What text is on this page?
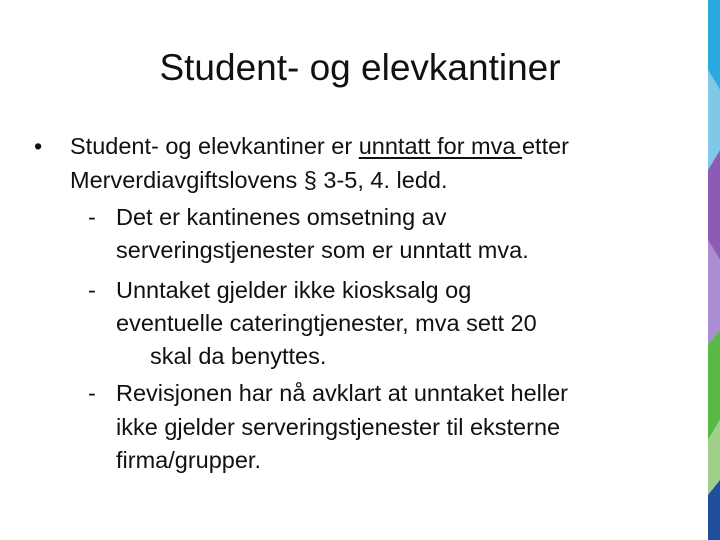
Student- og elevkantiner
• Student- og elevkantiner er unntatt for mva etter
Merverdiavgiftslovens § 3-5, 4. ledd.
- Det er kantinenes omsetning av
serveringstjenester som er unntatt mva.
- Unntaket gjelder ikke kiosksalg og
eventuelle cateringtjenester, mva sett 20
skal da benyttes.
- Revisjonen har nå avklart at unntaket heller
ikke gjelder serveringstjenester til eksterne
firma/grupper.
